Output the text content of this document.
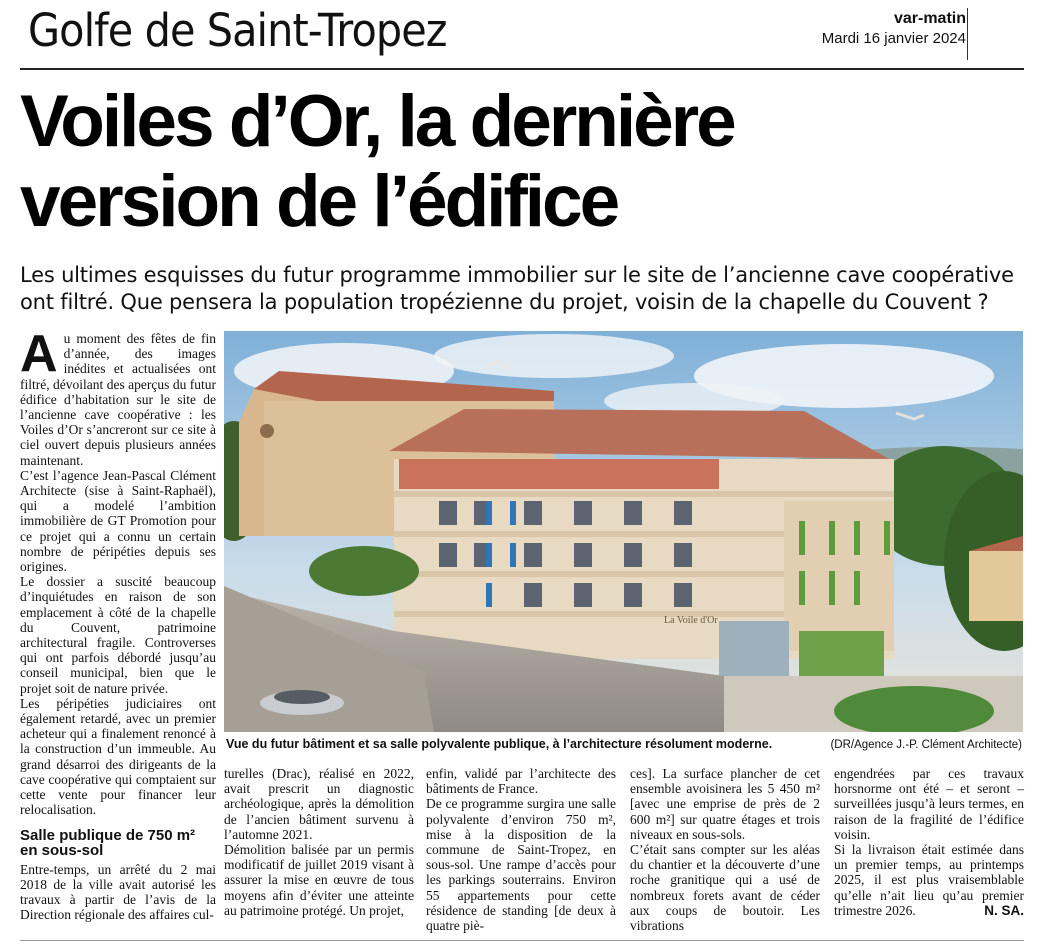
Golfe de Saint-Tropez	var-matin
Mardi 16 janvier 2024
Voiles d’Or, la dernière
version de l’édifice
Les ultimes esquisses du futur programme immobilier sur le site de l’ancienne cave coopérative ont filtré. Que pensera la population tropézienne du projet, voisin de la chapelle du Couvent ?
A u moment des fêtes de fin d’année, des images inédites et actualisées ont filtré, dévoilant des aperçus du futur édifice d’habitation sur le site de l’ancienne cave coopérative : les Voiles d’Or s’ancreront sur ce site à ciel ouvert depuis plusieurs années maintenant.

C’est l’agence Jean-Pascal Clément Architecte (sise à Saint-Raphaël), qui a modelé l’ambition immobilière de GT Promotion pour ce projet qui a connu un certain nombre de péripéties depuis ses origines.

Le dossier a suscité beaucoup d’inquiétudes en raison de son emplacement à côté de la chapelle du Couvent, patrimoine architectural fragile. Controverses qui ont parfois débordé jusqu’au conseil municipal, bien que le projet soit de nature privée.

Les péripéties judiciaires ont également retardé, avec un premier acheteur qui a finalement renoncé à la construction d’un immeuble. Au grand désarroi des dirigeants de la cave coopérative qui comptaient sur cette vente pour financer leur relocalisation.

Salle publique de 750 m² en sous-sol

Entre-temps, un arrêté du 2 mai 2018 de la ville avait autorisé les travaux à partir de l’avis de la Direction régionale des affaires cul-

La Voile d'Or
Vue du futur bâtiment et sa salle polyvalente publique, à l’architecture résolument moderne.	(DR/Agence J.-P. Clément Architecte)

turelles (Drac), réalisé en 2022, avait prescrit un diagnostic archéologique, après la démolition de l’ancien bâtiment survenu à l’automne 2021.

Démolition balisée par un permis modificatif de juillet 2019 visant à assurer la mise en œuvre de tous moyens afin d’éviter une atteinte au patrimoine protégé. Un projet,

enfin, validé par l’architecte des bâtiments de France.

De ce programme surgira une salle polyvalente d’environ 750 m², mise à la disposition de la commune de Saint-Tropez, en sous-sol. Une rampe d’accès pour les parkings souterrains. Environ 55 appartements pour cette résidence de standing [de deux à quatre piè-

ces]. La surface plancher de cet ensemble avoisinera les 5 450 m² [avec une emprise de près de 2 600 m²] sur quatre étages et trois niveaux en sous-sols.

C’était sans compter sur les aléas du chantier et la découverte d’une roche granitique qui a usé de nombreux forets avant de céder aux coups de boutoir. Les vibrations

engendrées par ces travaux horsnorme ont été – et seront – surveillées jusqu’à leurs termes, en raison de la fragilité de l’édifice voisin.

Si la livraison était estimée dans un premier temps, au printemps 2025, il est plus vraisemblable qu’elle n’ait lieu qu’au premier trimestre 2026.	N. SA.
